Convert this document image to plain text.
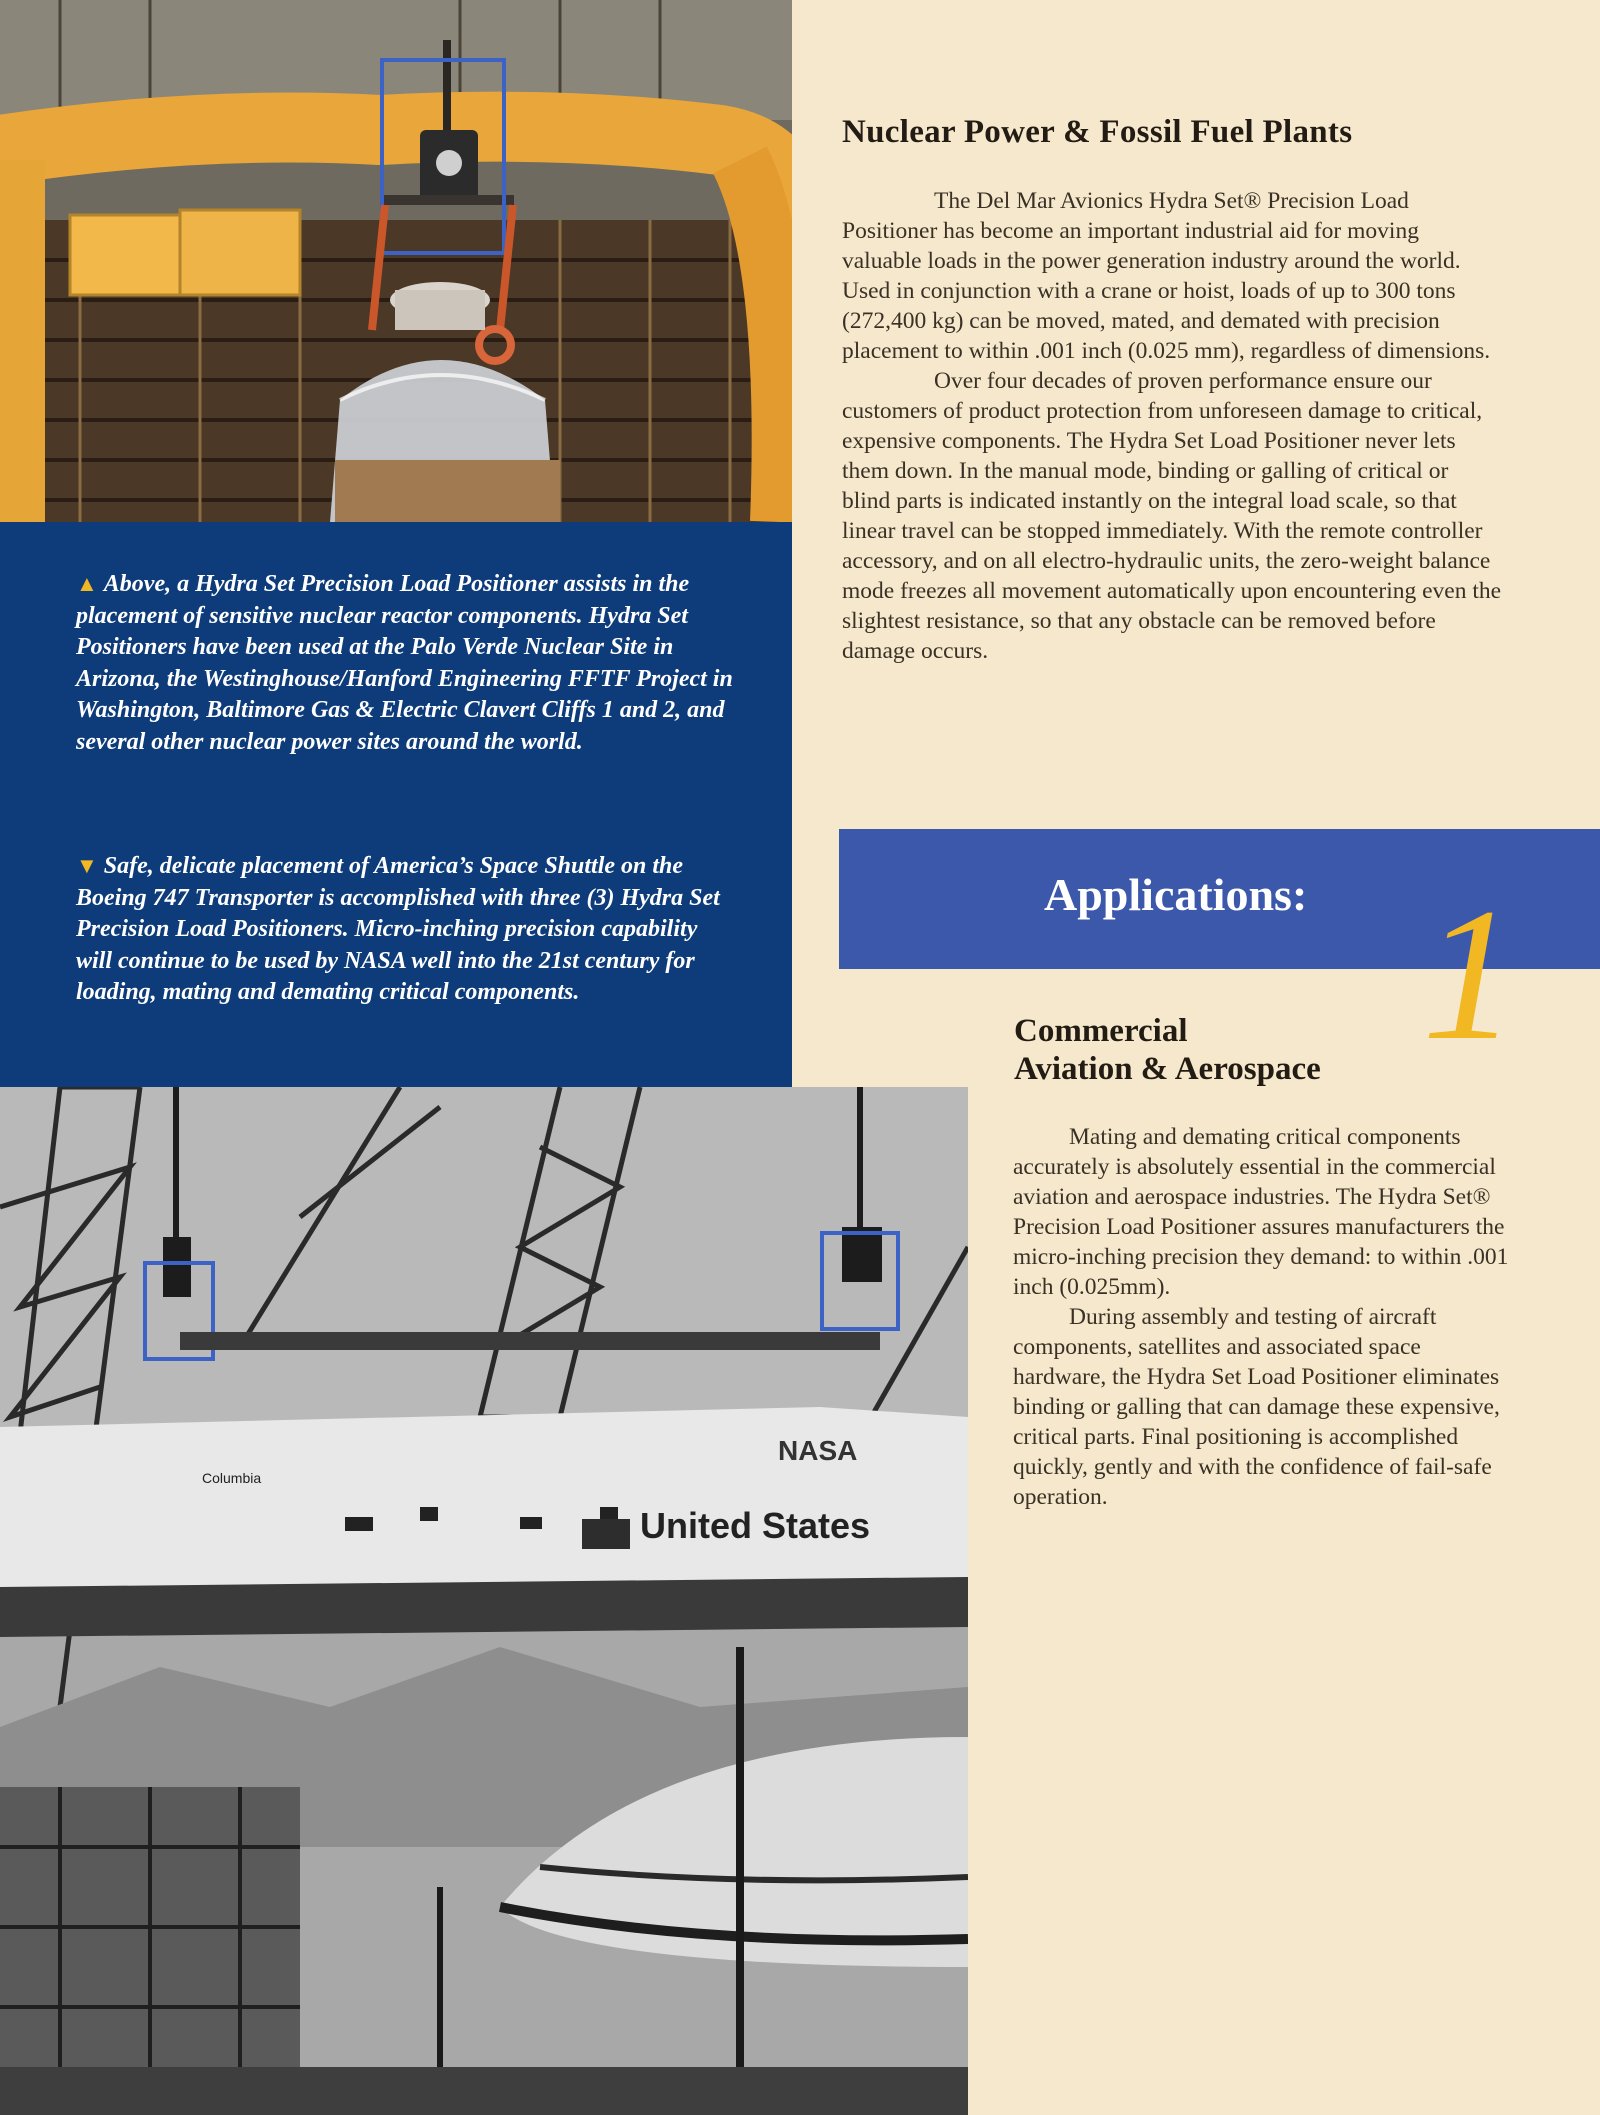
▲ Above, a Hydra Set Precision Load Positioner assists in the placement of sensitive nuclear reactor components. Hydra Set Positioners have been used at the Palo Verde Nuclear Site in Arizona, the Westinghouse/Hanford Engineering FFTF Project in Washington, Baltimore Gas & Electric Clavert Cliffs 1 and 2, and several other nuclear power sites around the world.
▼ Safe, delicate placement of America’s Space Shuttle on the Boeing 747 Transporter is accomplished with three (3) Hydra Set Precision Load Positioners. Micro-inching precision capability will continue to be used by NASA well into the 21st century for loading, mating and demating critical components.
NASA
United States
Columbia
Nuclear Power & Fossil Fuel Plants

The Del Mar Avionics Hydra Set® Precision Load Positioner has become an important industrial aid for moving valuable loads in the power generation industry around the world. Used in conjunction with a crane or hoist, loads of up to 300 tons (272,400 kg) can be moved, mated, and demated with precision placement to within .001 inch (0.025 mm), regardless of dimensions.

Over four decades of proven performance ensure our customers of product protection from unforeseen damage to critical, expensive components. The Hydra Set Load Positioner never lets them down. In the manual mode, binding or galling of critical or blind parts is indicated instantly on the integral load scale, so that linear travel can be stopped immediately. With the remote controller accessory, and on all electro-hydraulic units, the zero-weight balance mode freezes all movement automatically upon encountering even the slightest resistance, so that any obstacle can be removed before damage occurs.

Applications: 1
Commercial
Aviation & Aerospace

Mating and demating critical components accurately is absolutely essential in the commercial aviation and aerospace industries. The Hydra Set® Precision Load Positioner assures manufacturers the micro-inching precision they demand: to within .001 inch (0.025mm).

During assembly and testing of aircraft components, satellites and associated space hardware, the Hydra Set Load Positioner eliminates binding or galling that can damage these expensive, critical parts. Final positioning is accomplished quickly, gently and with the confidence of fail-safe operation.
